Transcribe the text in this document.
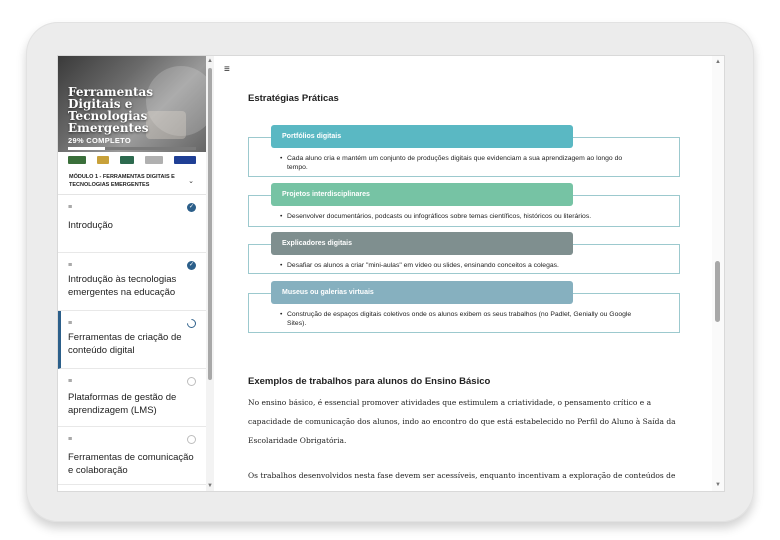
Ferramentas Digitais e Tecnologias Emergentes
29% COMPLETO
MÓDULO 1 - FERRAMENTAS DIGITAIS E TECNOLOGIAS EMERGENTES	⌄
≡	✓
Introdução
≡	✓
Introdução às tecnologias emergentes na educação
≡
Ferramentas de criação de conteúdo digital
≡
Plataformas de gestão de aprendizagem (LMS)
≡
Ferramentas de comunicação e colaboração
▲
▼
≡
Estratégias Práticas
• Cada aluno cria e mantém um conjunto de produções digitais que evidenciam a sua aprendizagem ao longo do tempo.
Portfólios digitais
• Desenvolver documentários, podcasts ou infográficos sobre temas científicos, históricos ou literários.
Projetos interdisciplinares
• Desafiar os alunos a criar "mini-aulas" em vídeo ou slides, ensinando conceitos a colegas.
Explicadores digitais
• Construção de espaços digitais coletivos onde os alunos exibem os seus trabalhos (no Padlet, Genially ou Google Sites).
Museus ou galerias virtuais
Exemplos de trabalhos para alunos do Ensino Básico
No ensino básico, é essencial promover atividades que estimulem a criatividade, o pensamento crítico e a capacidade de comunicação dos alunos, indo ao encontro do que está estabelecido no Perfil do Aluno à Saída da Escolaridade Obrigatória.
Os trabalhos desenvolvidos nesta fase devem ser acessíveis, enquanto incentivam a exploração de conteúdos de
▲
▼
